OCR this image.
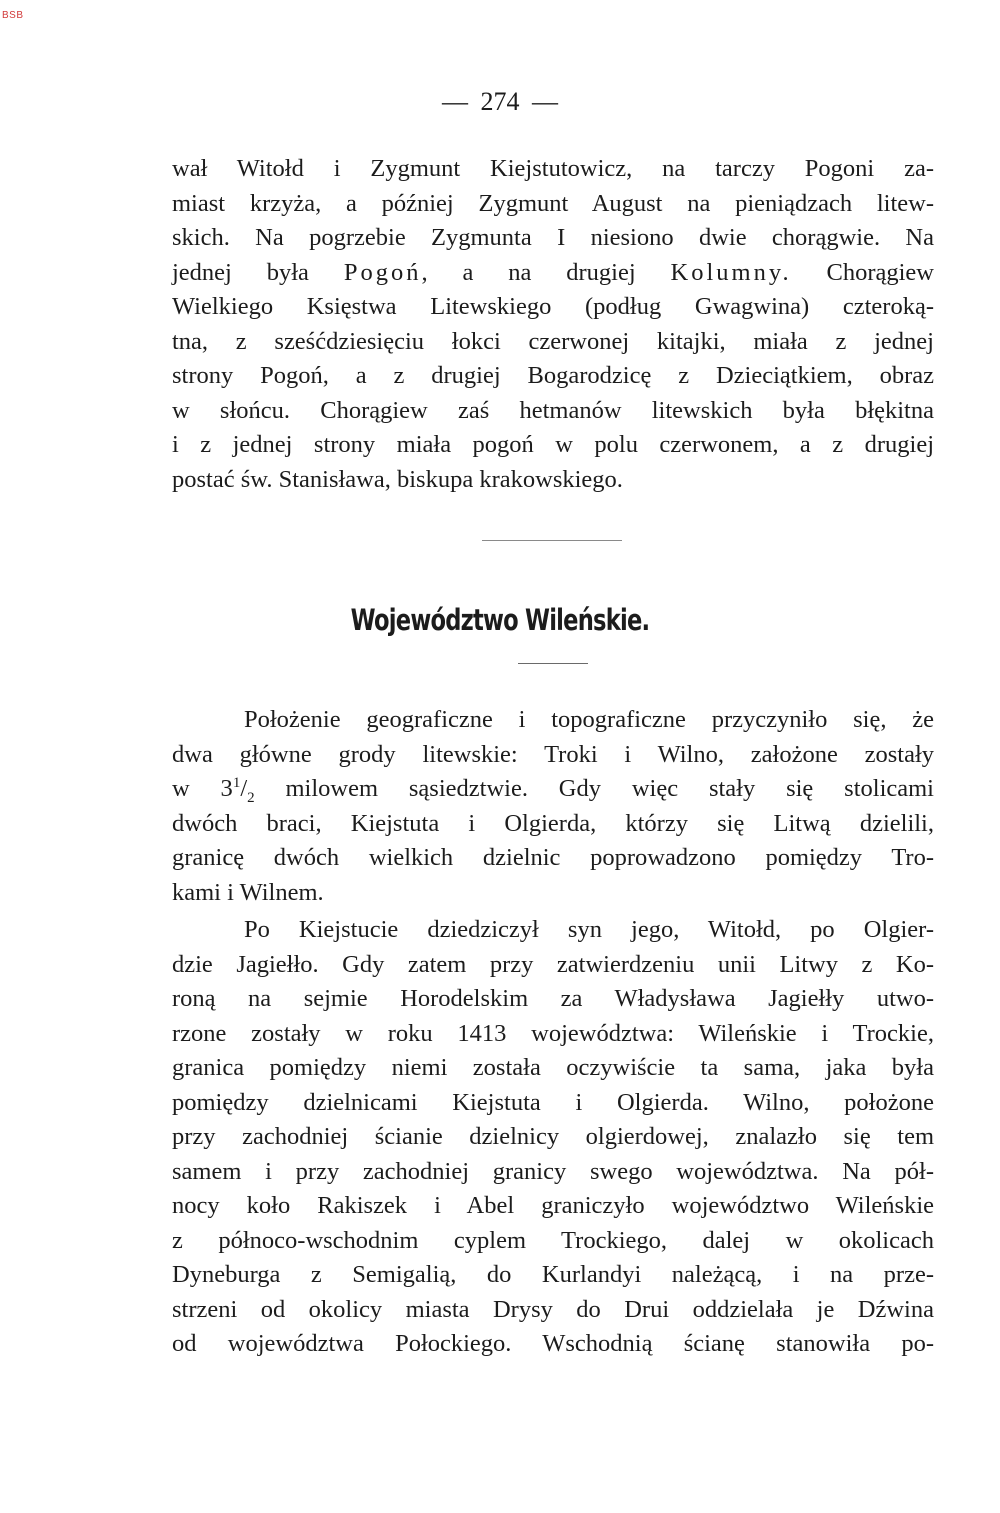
BSB
— 274 —
wał Witołd i Zygmunt Kiejstutowicz, na tarczy Pogoni za-
miast krzyża, a później Zygmunt August na pieniądzach litew-
skich. Na pogrzebie Zygmunta I niesiono dwie chorągwie. Na
jednej była Pogoń, a na drugiej Kolumny. Chorągiew
Wielkiego Księstwa Litewskiego (podług Gwagwina) czteroką-
tna, z sześćdziesięciu łokci czerwonej kitajki, miała z jednej
strony Pogoń, a z drugiej Bogarodzicę z Dzieciątkiem, obraz
w słońcu. Chorągiew zaś hetmanów litewskich była błękitna
i z jednej strony miała pogoń w polu czerwonem, a z drugiej
postać św. Stanisława, biskupa krakowskiego.
Województwo Wileńskie.
Położenie geograficzne i topograficzne przyczyniło się, że
dwa główne grody litewskie: Troki i Wilno, założone zostały
w $3^1/_2$ milowem sąsiedztwie. Gdy więc stały się stolicami
dwóch braci, Kiejstuta i Olgierda, którzy się Litwą dzielili,
granicę dwóch wielkich dzielnic poprowadzono pomiędzy Tro-
kami i Wilnem.
Po Kiejstucie dziedziczył syn jego, Witołd, po Olgier-
dzie Jagiełło. Gdy zatem przy zatwierdzeniu unii Litwy z Ko-
roną na sejmie Horodelskim za Władysława Jagiełły utwo-
rzone zostały w roku 1413 województwa: Wileńskie i Trockie,
granica pomiędzy niemi została oczywiście ta sama, jaka była
pomiędzy dzielnicami Kiejstuta i Olgierda. Wilno, położone
przy zachodniej ścianie dzielnicy olgierdowej, znalazło się tem
samem i przy zachodniej granicy swego województwa. Na pół-
nocy koło Rakiszek i Abel graniczyło województwo Wileńskie
z północo-wschodnim cyplem Trockiego, dalej w okolicach
Dyneburga z Semigalią, do Kurlandyi należącą, i na prze-
strzeni od okolicy miasta Drysy do Drui oddzielała je Dźwina
od województwa Połockiego. Wschodnią ścianę stanowiła po-
